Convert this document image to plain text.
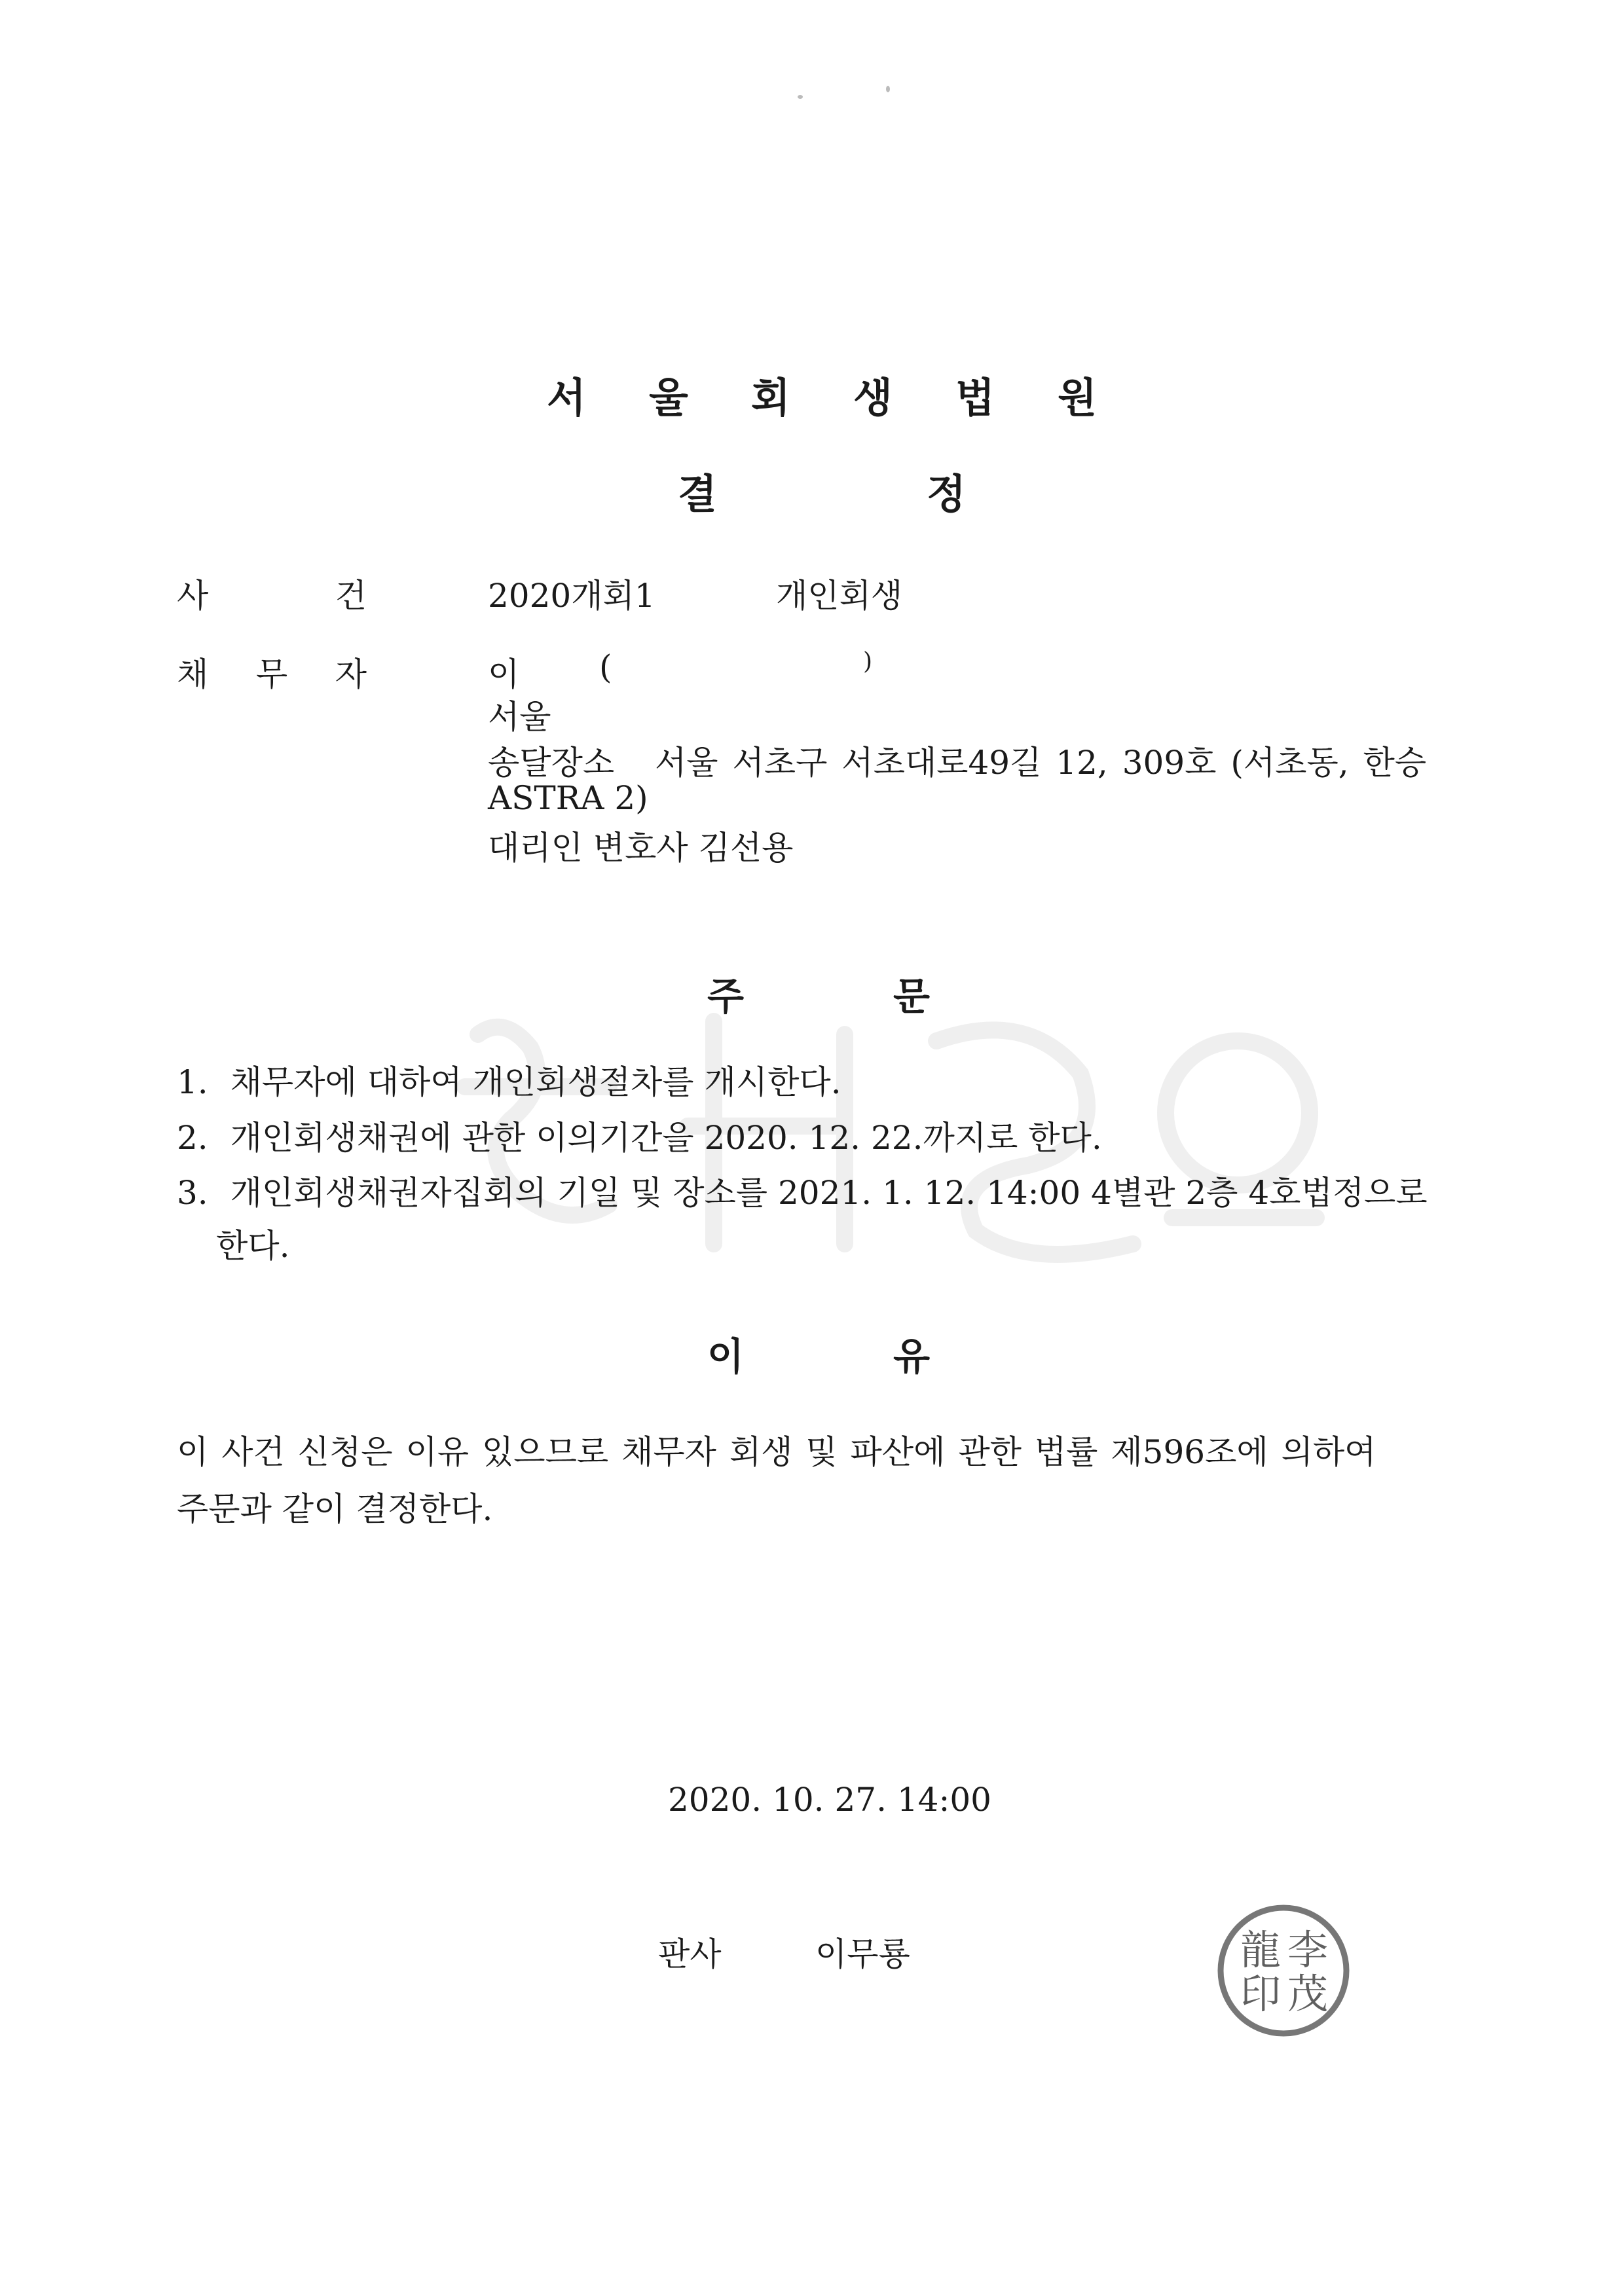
서 울 회 생 법 원
결	정
사	건	2020개회1	개인회생
채 무 자	이 (	)
서울
송달장소 서울 서초구 서초대로49길 12, 309호 (서초동, 한승
ASTRA 2)
대리인 변호사 김선용
주	문
1. 채무자에 대하여 개인회생절차를 개시한다.
2. 개인회생채권에 관한 이의기간을 2020. 12. 22.까지로 한다.
3. 개인회생채권자집회의 기일 및 장소를 2021. 1. 12. 14:00 4별관 2층 4호법정으로
한다.
이	유
이 사건 신청은 이유 있으므로 채무자 회생 및 파산에 관한 법률 제596조에 의하여
주문과 같이 결정한다.
2020. 10. 27. 14:00
판사	이무룡	李
茂
龍
印
